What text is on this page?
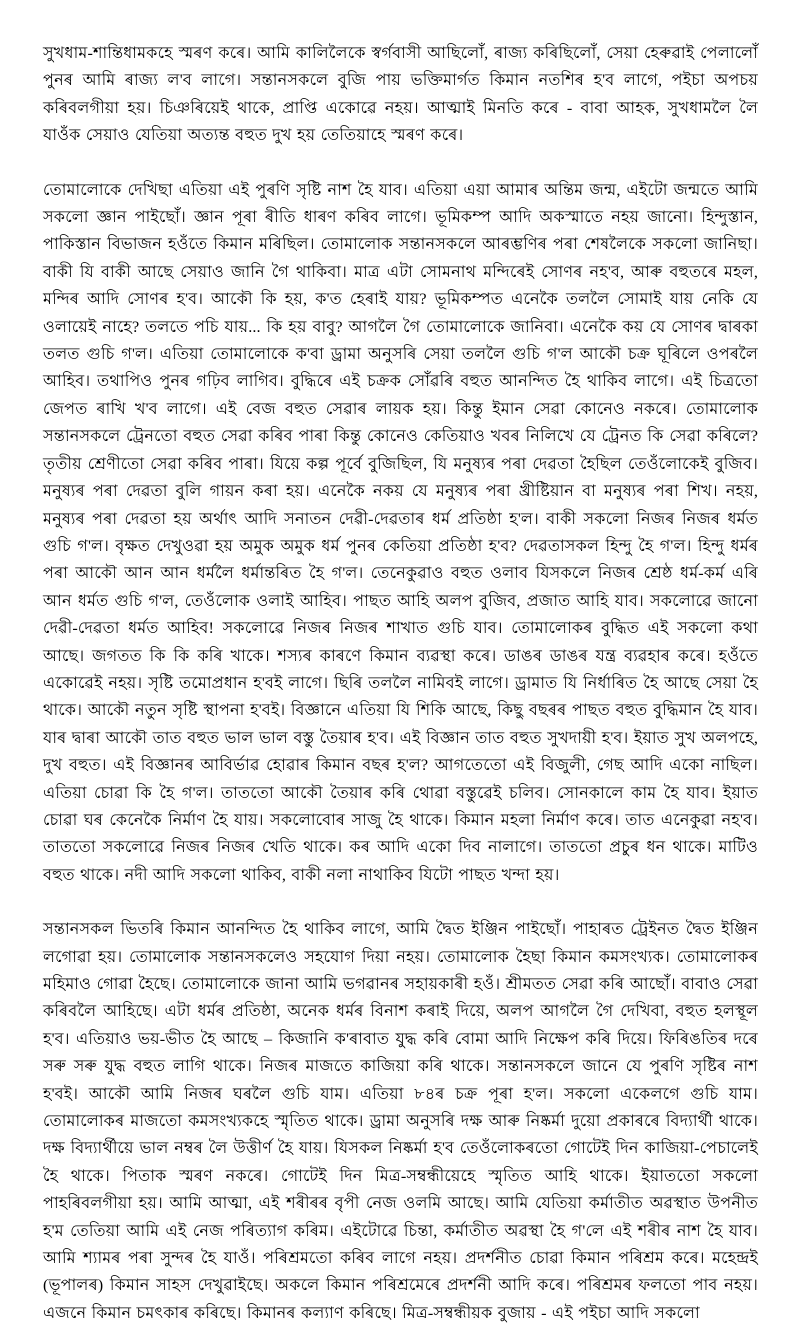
সুখধাম-শান্তিধামকহে স্মৰণ কৰে। আমি কালিলৈকে স্বৰ্গবাসী আছিলোঁ, ৰাজ্য কৰিছিলোঁ, সেয়া হেৰুৱাই পেলালোঁ পুনৰ আমি ৰাজ্য ল'ব লাগে। সন্তানসকলে বুজি পায় ভক্তিমাৰ্গত কিমান নতশিৰ হ'ব লাগে, পইচা অপচয় কৰিবলগীয়া হয়। চিঞৰিয়েই থাকে, প্ৰাপ্তি একোৱে নহয়। আত্মাই মিনতি কৰে - বাবা আহক, সুখধামলৈ লৈ যাওঁক সেয়াও যেতিয়া অত্যন্ত বহুত দুখ হয় তেতিয়াহে স্মৰণ কৰে।

তোমালোকে দেখিছা এতিয়া এই পুৰণি সৃষ্টি নাশ হৈ যাব। এতিয়া এয়া আমাৰ অন্তিম জন্ম, এইটো জন্মতে আমি সকলো জ্ঞান পাইছোঁ। জ্ঞান পূৰা ৰীতি ধাৰণ কৰিব লাগে। ভূমিকম্প আদি অকস্মাতে নহয় জানো। হিন্দুস্তান, পাকিস্তান বিভাজন হওঁতে কিমান মৰিছিল। তোমালোক সন্তানসকলে আৰম্ভণিৰ পৰা শেষলৈকে সকলো জানিছা। বাকী যি বাকী আছে সেয়াও জানি গৈ থাকিবা। মাত্ৰ এটা সোমনাথ মন্দিৰেই সোণৰ নহ'ব, আৰু বহুতৰে মহল, মন্দিৰ আদি সোণৰ হ'ব। আকৌ কি হয়, ক'ত হেৰাই যায়? ভূমিকম্পত এনেকৈ তললৈ সোমাই যায় নেকি যে ওলায়েই নাহে? তলতে পচি যায়... কি হয় বাবু? আগলৈ গৈ তোমালোকে জানিবা। এনেকৈ কয় যে সোণৰ দ্বাৰকা তলত গুচি গ'ল। এতিয়া তোমালোকে ক'বা ড্ৰামা অনুসৰি সেয়া তললৈ গুচি গ'ল আকৌ চক্ৰ ঘূৰিলে ওপৰলৈ আহিব। তথাপিও পুনৰ গঢ়িব লাগিব। বুদ্ধিৰে এই চক্ৰক সোঁৱৰি বহুত আনন্দিত হৈ থাকিব লাগে। এই চিত্ৰতো জেপত ৰাখি খ'ব লাগে। এই বেজ বহুত সেৱাৰ লায়ক হয়। কিন্তু ইমান সেৱা কোনেও নকৰে। তোমালোক সন্তানসকলে ট্ৰেনতো বহুত সেৱা কৰিব পাৰা কিন্তু কোনেও কেতিয়াও খবৰ নিলিখে যে ট্ৰেনত কি সেৱা কৰিলে? তৃতীয় শ্ৰেণীতো সেৱা কৰিব পাৰা। যিয়ে কল্প পূৰ্বে বুজিছিল, যি মনুষ্যৰ পৰা দেৱতা হৈছিল তেওঁলোকেই বুজিব। মনুষ্যৰ পৰা দেৱতা বুলি গায়ন কৰা হয়। এনেকৈ নকয় যে মনুষ্যৰ পৰা খ্ৰীষ্টিয়ান বা মনুষ্যৰ পৰা শিখ। নহয়, মনুষ্যৰ পৰা দেৱতা হয় অৰ্থাৎ আদি সনাতন দেৱী-দেৱতাৰ ধৰ্ম প্ৰতিষ্ঠা হ'ল। বাকী সকলো নিজৰ নিজৰ ধৰ্মত গুচি গ'ল। বৃক্ষত দেখুওৱা হয় অমুক অমুক ধৰ্ম পুনৰ কেতিয়া প্ৰতিষ্ঠা হ'ব? দেৱতাসকল হিন্দু হৈ গ'ল। হিন্দু ধৰ্মৰ পৰা আকৌ আন আন ধৰ্মলৈ ধৰ্মান্তৰিত হৈ গ'ল। তেনেকুৱাও বহুত ওলাব যিসকলে নিজৰ শ্ৰেষ্ঠ ধৰ্ম-কৰ্ম এৰি আন ধৰ্মত গুচি গ'ল, তেওঁলোক ওলাই আহিব। পাছত আহি অলপ বুজিব, প্ৰজাত আহি যাব। সকলোৱে জানো দেৱী-দেৱতা ধৰ্মত আহিব! সকলোৱে নিজৰ নিজৰ শাখাত গুচি যাব। তোমালোকৰ বুদ্ধিত এই সকলো কথা আছে। জগতত কি কি কৰি খাকে। শস্যৰ কাৰণে কিমান ব্যৱস্থা কৰে। ডাঙৰ ডাঙৰ যন্ত্ৰ ব্যৱহাৰ কৰে। হওঁতে একোৱেই নহয়। সৃষ্টি তমোপ্ৰধান হ'বই লাগে। ছিৰি তললৈ নামিবই লাগে। ড্ৰামাত যি নিৰ্ধাৰিত হৈ আছে সেয়া হৈ থাকে। আকৌ নতুন সৃষ্টি স্থাপনা হ'বই। বিজ্ঞানে এতিয়া যি শিকি আছে, কিছু বছৰৰ পাছত বহুত বুদ্ধিমান হৈ যাব। যাৰ দ্বাৰা আকৌ তাত বহুত ভাল ভাল বস্তু তৈয়াৰ হ'ব। এই বিজ্ঞান তাত বহুত সুখদায়ী হ'ব। ইয়াত সুখ অলপহে, দুখ বহুত। এই বিজ্ঞানৰ আবিৰ্ভাৱ হোৱাৰ কিমান বছৰ হ'ল? আগতেতো এই বিজুলী, গেছ আদি একো নাছিল। এতিয়া চোৱা কি হৈ গ'ল। তাততো আকৌ তৈয়াৰ কৰি থোৱা বস্তুৱেই চলিব। সোনকালে কাম হৈ যাব। ইয়াত চোৱা ঘৰ কেনেকৈ নিৰ্মাণ হৈ যায়। সকলোবোৰ সাজু হৈ থাকে। কিমান মহলা নিৰ্মাণ কৰে। তাত এনেকুৱা নহ'ব। তাততো সকলোৱে নিজৰ নিজৰ খেতি থাকে। কৰ আদি একো দিব নালাগে। তাততো প্ৰচুৰ ধন থাকে। মাটিও বহুত থাকে। নদী আদি সকলো থাকিব, বাকী নলা নাথাকিব যিটো পাছত খন্দা হয়।

সন্তানসকল ভিতৰি কিমান আনন্দিত হৈ থাকিব লাগে, আমি দ্বৈত ইঞ্জিন পাইছোঁ। পাহাৰত ট্ৰেইনত দ্বৈত ইঞ্জিন লগোৱা হয়। তোমালোক সন্তানসকলেও সহযোগ দিয়া নহয়। তোমালোক হৈছা কিমান কমসংখ্যক। তোমালোকৰ মহিমাও গোৱা হৈছে। তোমালোকে জানা আমি ভগৱানৰ সহায়কাৰী হওঁ। শ্ৰীমতত সেৱা কৰি আছোঁ। বাবাও সেৱা কৰিবলৈ আহিছে। এটা ধৰ্মৰ প্ৰতিষ্ঠা, অনেক ধৰ্মৰ বিনাশ কৰাই দিয়ে, অলপ আগলৈ গৈ দেখিবা, বহুত হলস্থূল হ'ব। এতিয়াও ভয়-ভীত হৈ আছে – কিজানি ক'ৰাবাত যুদ্ধ কৰি বোমা আদি নিক্ষেপ কৰি দিয়ে। ফিৰিঙতিৰ দৰে সৰু সৰু যুদ্ধ বহুত লাগি থাকে। নিজৰ মাজতে কাজিয়া কৰি থাকে। সন্তানসকলে জানে যে পুৰণি সৃষ্টিৰ নাশ হ'বই। আকৌ আমি নিজৰ ঘৰলৈ গুচি যাম। এতিয়া ৮৪ৰ চক্ৰ পূৰা হ'ল। সকলো একেলগে গুচি যাম। তোমালোকৰ মাজতো কমসংখ্যকহে স্মৃতিত থাকে। ড্ৰামা অনুসৰি দক্ষ আৰু নিষ্কৰ্মা দুয়ো প্ৰকাৰৰে বিদ্যাৰ্থী থাকে। দক্ষ বিদ্যাৰ্থীয়ে ভাল নম্বৰ লৈ উত্তীৰ্ণ হৈ যায়। যিসকল নিষ্কৰ্মা হ'ব তেওঁলোকৰতো গোটেই দিন কাজিয়া-পেচালেই হৈ থাকে। পিতাক স্মৰণ নকৰে। গোটেই দিন মিত্ৰ-সম্বন্ধীয়েহে স্মৃতিত আহি থাকে। ইয়াততো সকলো পাহৰিবলগীয়া হয়। আমি আত্মা, এই শৰীৰৰ বৃপী নেজ ওলমি আছে। আমি যেতিয়া কৰ্মাতীত অৱস্থাত উপনীত হ'ম তেতিয়া আমি এই নেজ পৰিত্যাগ কৰিম। এইটোৱে চিন্তা, কৰ্মাতীত অৱস্থা হৈ গ'লে এই শৰীৰ নাশ হৈ যাব। আমি শ্যামৰ পৰা সুন্দৰ হৈ যাওঁ। পৰিশ্ৰমতো কৰিব লাগে নহয়। প্ৰদৰ্শনীত চোৱা কিমান পৰিশ্ৰম কৰে। মহেন্দ্ৰই (ভূপালৰ) কিমান সাহস দেখুৱাইছে। অকলে কিমান পৰিশ্ৰমেৰে প্ৰদৰ্শনী আদি কৰে। পৰিশ্ৰমৰ ফলতো পাব নহয়। এজনে কিমান চমৎকাৰ কৰিছে। কিমানৰ কল্যাণ কৰিছে। মিত্ৰ-সম্বন্ধীয়ক বুজায় - এই পইচা আদি সকলো
